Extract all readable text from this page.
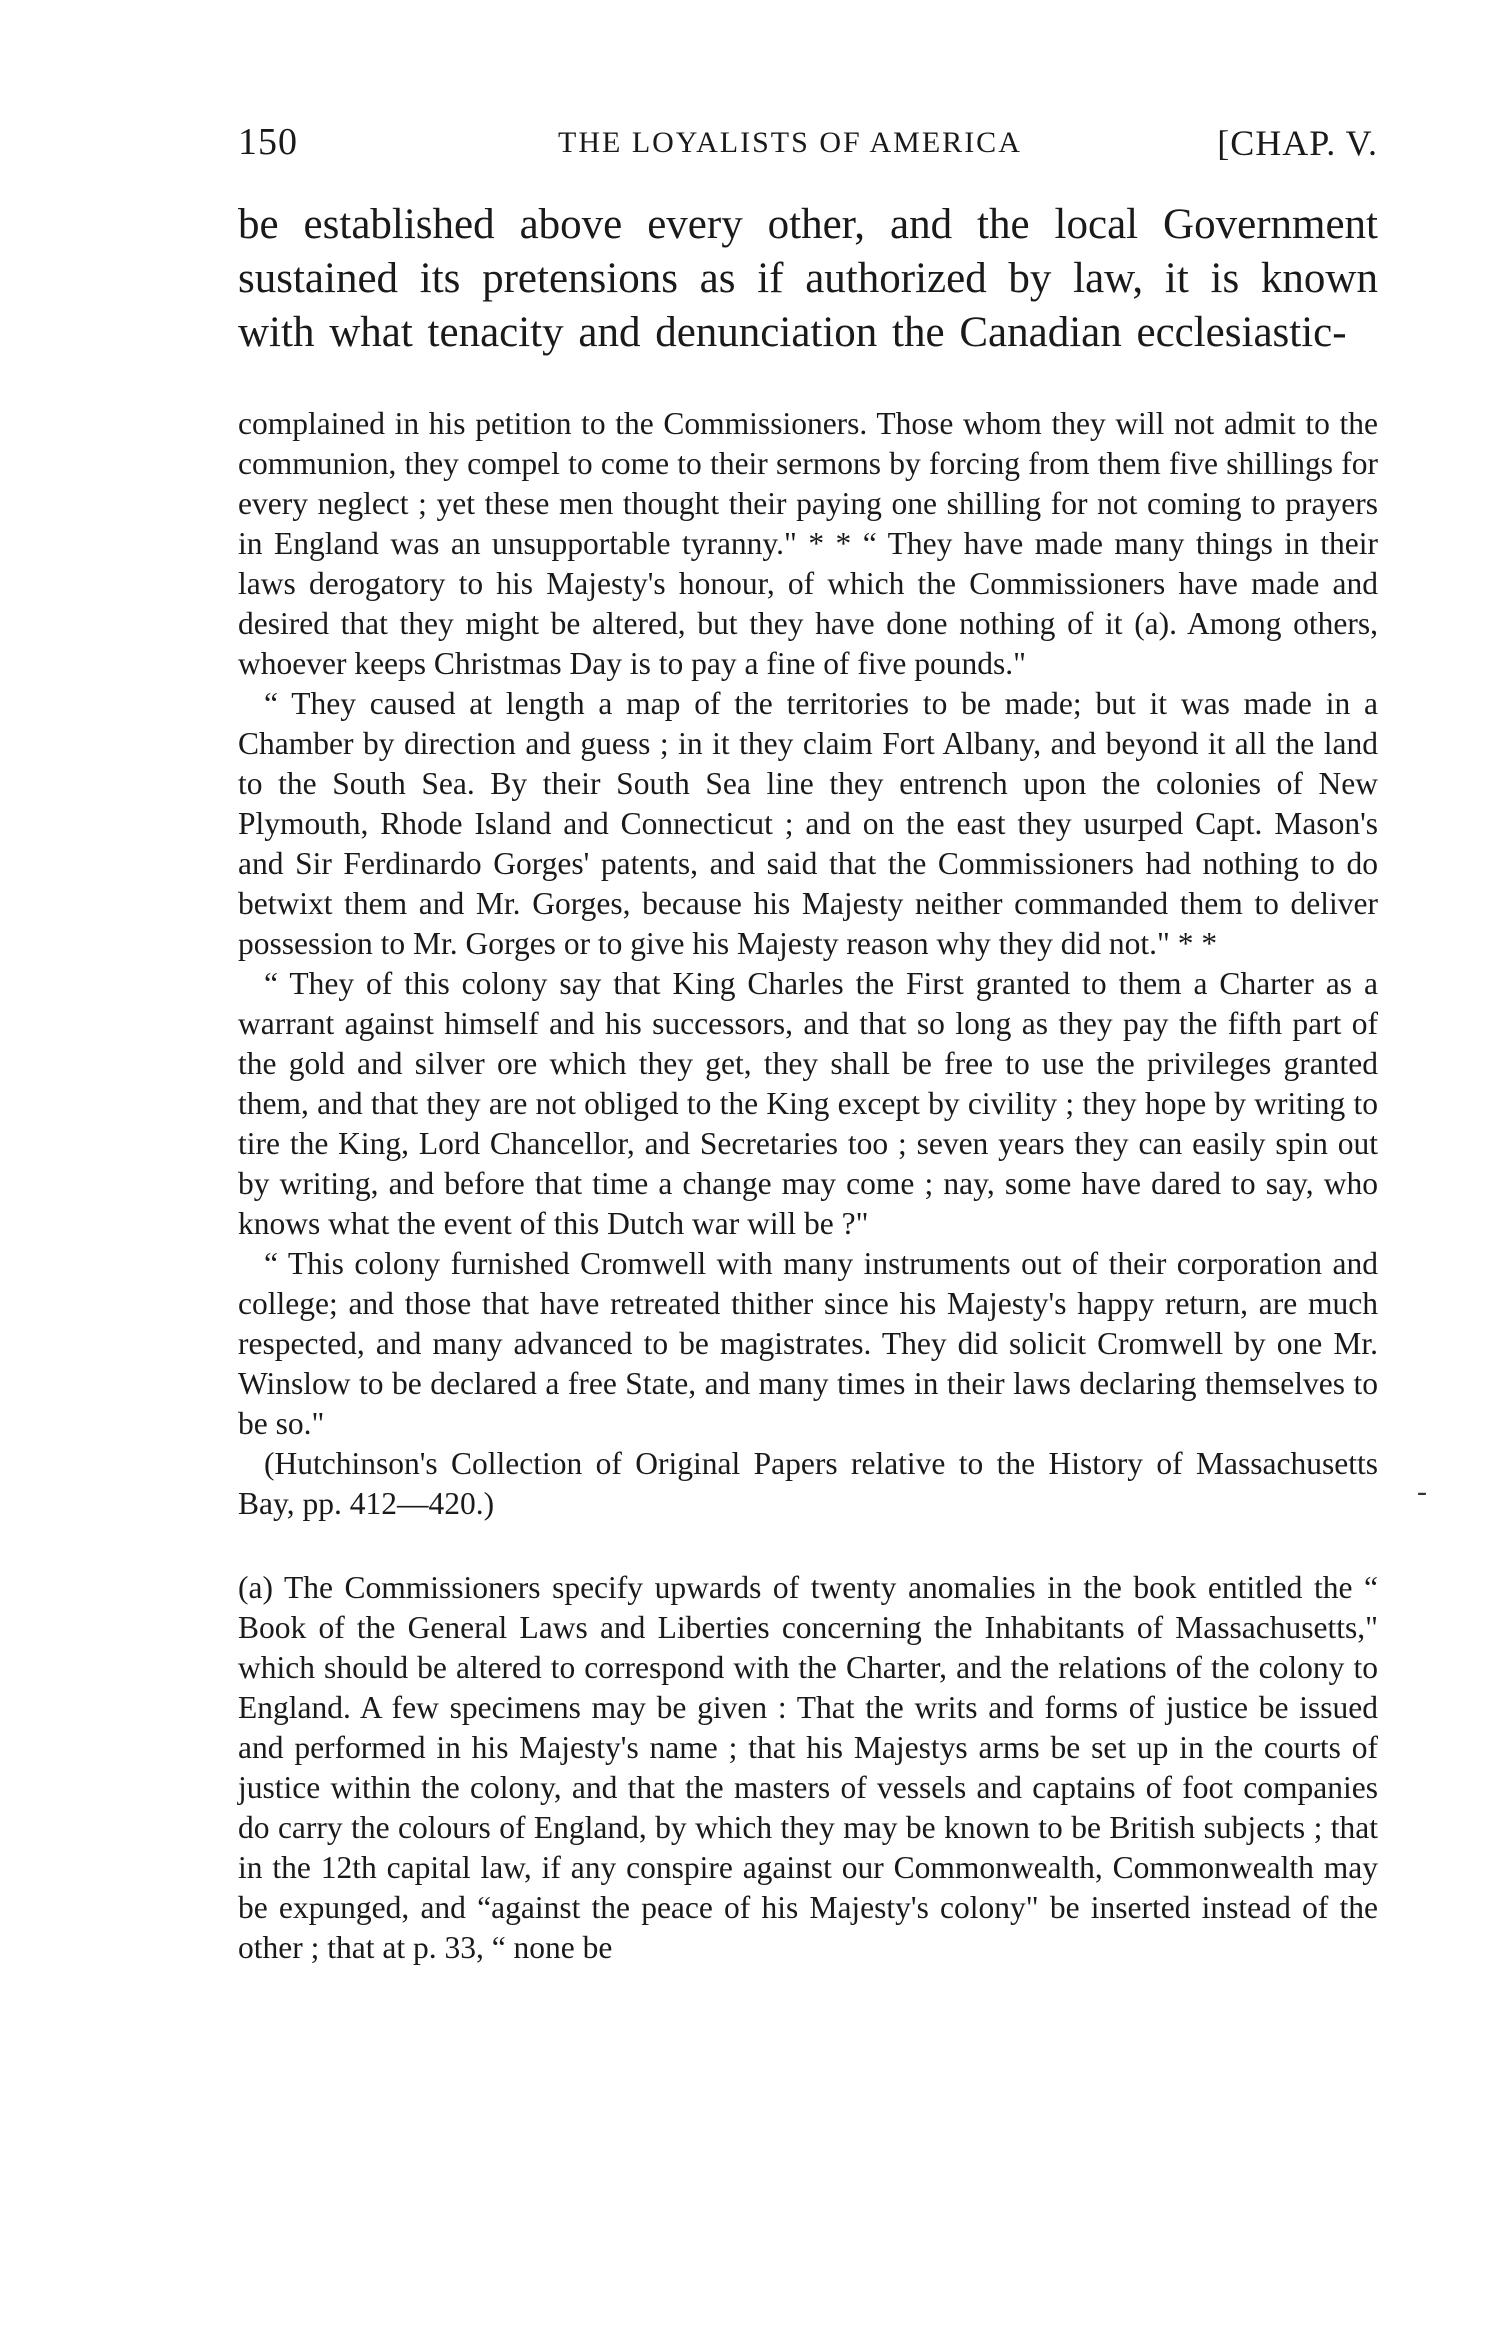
150	THE LOYALISTS OF AMERICA	[CHAP. V.

be established above every other, and the local Government sustained its pretensions as if authorized by law, it is known with what tenacity and denunciation the Canadian ecclesiastic-

complained in his petition to the Commissioners. Those whom they will not admit to the communion, they compel to come to their sermons by forcing from them five shillings for every neglect ; yet these men thought their paying one shilling for not coming to prayers in England was an unsupportable tyranny." * * “ They have made many things in their laws derogatory to his Majesty's honour, of which the Commissioners have made and desired that they might be altered, but they have done nothing of it (a). Among others, whoever keeps Christmas Day is to pay a fine of five pounds."

“ They caused at length a map of the territories to be made; but it was made in a Chamber by direction and guess ; in it they claim Fort Albany, and beyond it all the land to the South Sea. By their South Sea line they entrench upon the colonies of New Plymouth, Rhode Island and Connecticut ; and on the east they usurped Capt. Mason's and Sir Ferdinardo Gorges' patents, and said that the Commissioners had nothing to do betwixt them and Mr. Gorges, because his Majesty neither commanded them to deliver possession to Mr. Gorges or to give his Majesty reason why they did not." * *

“ They of this colony say that King Charles the First granted to them a Charter as a warrant against himself and his successors, and that so long as they pay the fifth part of the gold and silver ore which they get, they shall be free to use the privileges granted them, and that they are not obliged to the King except by civility ; they hope by writing to tire the King, Lord Chancellor, and Secretaries too ; seven years they can easily spin out by writing, and before that time a change may come ; nay, some have dared to say, who knows what the event of this Dutch war will be ?"

“ This colony furnished Cromwell with many instruments out of their corporation and college; and those that have retreated thither since his Majesty's happy return, are much respected, and many advanced to be magistrates. They did solicit Cromwell by one Mr. Winslow to be declared a free State, and many times in their laws declaring themselves to be so."

(Hutchinson's Collection of Original Papers relative to the History of Massachusetts Bay, pp. 412—420.)

(a) The Commissioners specify upwards of twenty anomalies in the book entitled the “ Book of the General Laws and Liberties concerning the Inhabitants of Massachusetts," which should be altered to correspond with the Charter, and the relations of the colony to England. A few specimens may be given : That the writs and forms of justice be issued and performed in his Majesty's name ; that his Majestys arms be set up in the courts of justice within the colony, and that the masters of vessels and captains of foot companies do carry the colours of England, by which they may be known to be British subjects ; that in the 12th capital law, if any conspire against our Commonwealth, Commonwealth may be expunged, and “against the peace of his Majesty's colony" be inserted instead of the other ; that at p. 33, “ none be

-
